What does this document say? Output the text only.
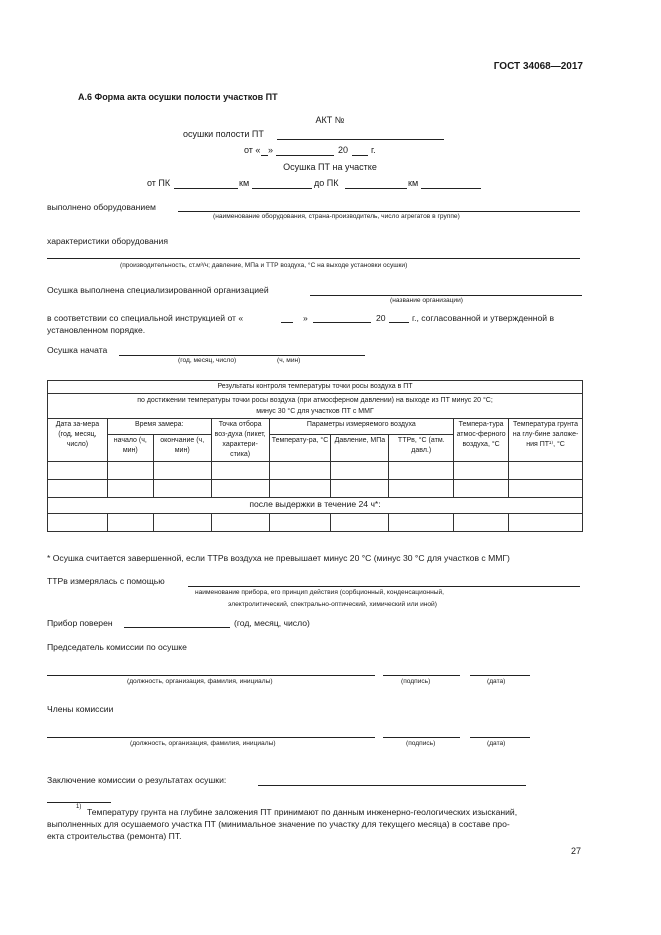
ГОСТ 34068—2017
А.6 Форма акта осушки полости участков ПТ
АКТ №
осушки полости ПТ
от « »	20	г.
Осушка ПТ на участке
от ПК	км	до ПК	км
выполнено оборудованием
(наименование оборудования, страна-производитель, число агрегатов в группе)
характеристики оборудования
(производительность, ст.м³/ч; давление, МПа и ТТР воздуха, °С на выходе установки осушки)
Осушка выполнена специализированной организацией
(название организации)
в соответствии со специальной инструкцией от «	»	20	г., согласованной и утвержденной в
установленном порядке.
Осушка начата
(год, месяц, число)	(ч, мин)
Результаты контроля температуры точки росы воздуха в ПТ								

по достижении температуры точки росы воздуха (при атмосферном давлении) на выходе из ПТ минус 20 °С;
минус 30 °С для участков ПТ с ММГ								

Дата за-мера (год, месяц, число)	Время замера:		Точка отбора воз-духа (пикет, характери-стика)	Параметры измеряемого воздуха			Темпера-тура атмос-ферного воздуха, °С	Температура грунта на глу-бине заложе-ния ПТ¹⁾, °С
	начало (ч, мин)	окончание (ч, мин)		Температу-ра, °С	Давление, МПа	ТТРв, °С (атм. давл.)		

после выдержки в течение 24 ч*:								

* Осушка считается завершенной, если ТТРв воздуха не превышает минус 20 °С (минус 30 °С для участков с ММГ)
ТТРв измерялась с помощью
наименование прибора, его принцип действия (сорбционный, конденсационный,
электролитический, спектрально-оптический, химический или иной)
Прибор поверен	(год, месяц, число)
Председатель комиссии по осушке
(должность, организация, фамилия, инициалы)	(подпись)	(дата)
Члены комиссии
(должность, организация, фамилия, инициалы)	(подпись)	(дата)
Заключение комиссии о результатах осушки:
1) Температуру грунта на глубине заложения ПТ принимают по данным инженерно-геологических изысканий,
выполненных для осушаемого участка ПТ (минимальное значение по участку для текущего месяца) в составе про-
екта строительства (ремонта) ПТ.
27
